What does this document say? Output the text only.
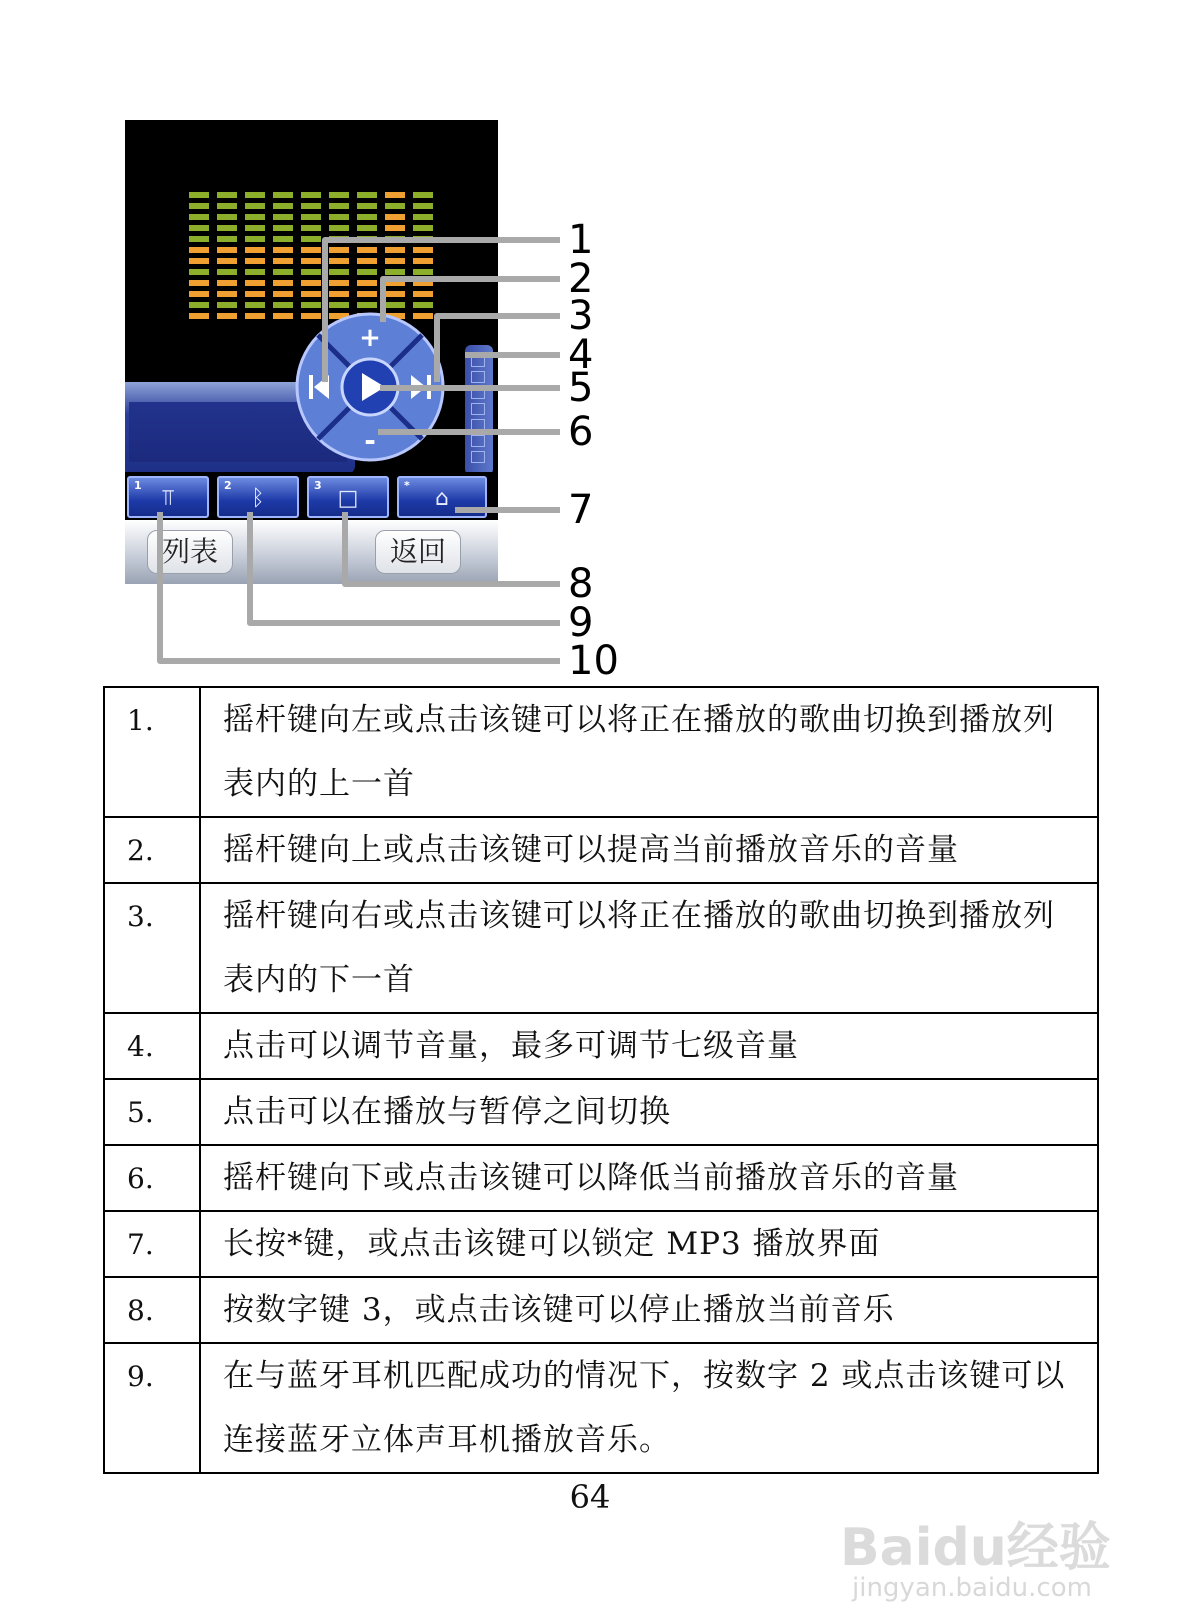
+
-
1
⫪
2
ᛒ
3
□
*
⌂
列表	返回
1
2
3
4
5
6
7
8
9
10
1.	摇杆键向左或点击该键可以将正在播放的歌曲切换到播放列表内的上一首
2.	摇杆键向上或点击该键可以提高当前播放音乐的音量
3.	摇杆键向右或点击该键可以将正在播放的歌曲切换到播放列表内的下一首
4.	点击可以调节音量，最多可调节七级音量
5.	点击可以在播放与暂停之间切换
6.	摇杆键向下或点击该键可以降低当前播放音乐的音量
7.	长按*键，或点击该键可以锁定 MP3 播放界面
8.	按数字键 3，或点击该键可以停止播放当前音乐
9.	在与蓝牙耳机匹配成功的情况下，按数字 2 或点击该键可以连接蓝牙立体声耳机播放音乐。
64
Baidu经验
jingyan.baidu.com
